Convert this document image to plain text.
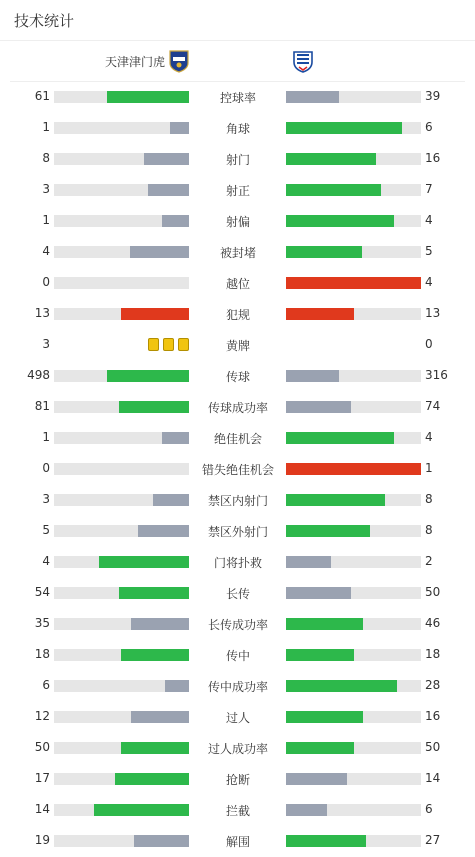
技术统计
天津津门虎
61	控球率	39
1	角球	6
8	射门	16
3	射正	7
1	射偏	4
4	被封堵	5
0	越位	4
13	犯规	13
3	黄牌	0
498	传球	316
81	传球成功率	74
1	绝佳机会	4
0	错失绝佳机会	1
3	禁区内射门	8
5	禁区外射门	8
4	门将扑救	2
54	长传	50
35	长传成功率	46
18	传中	18
6	传中成功率	28
12	过人	16
50	过人成功率	50
17	抢断	14
14	拦截	6
19	解围	27
